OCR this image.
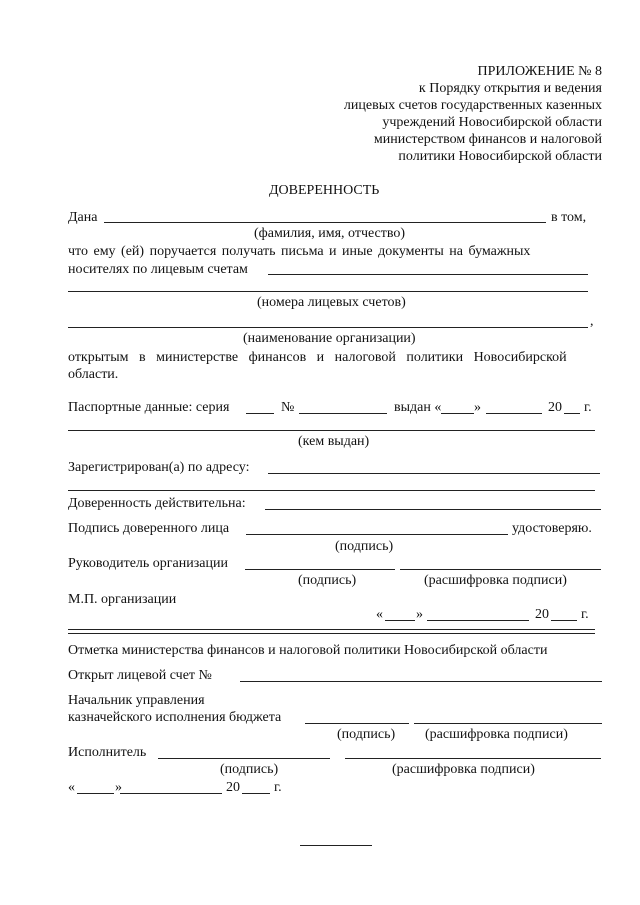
ПРИЛОЖЕНИЕ № 8
к Порядку открытия и ведения
лицевых счетов государственных казенных
учреждений Новосибирской области
министерством финансов и налоговой
политики Новосибирской области
ДОВЕРЕННОСТЬ
Дана	в том,
(фамилия, имя, отчество)
что ему (ей) поручается получать письма и иные документы на бумажных
носителях по лицевым счетам
(номера лицевых счетов)
,
(наименование организации)
открытым в министерстве финансов и налоговой политики Новосибирской
области.
Паспортные данные: серия	№	выдан « »	20 г.
(кем выдан)
Зарегистрирован(а) по адресу:
Доверенность действительна:
Подпись доверенного лица	удостоверяю.
(подпись)
Руководитель организации
(подпись)	(расшифровка подписи)
М.П. организации
« »	20 г.
Отметка министерства финансов и налоговой политики Новосибирской области
Открыт лицевой счет №
Начальник управления
казначейского исполнения бюджета
(подпись) (расшифровка подписи)
Исполнитель
(подпись)	(расшифровка подписи)
«	»	20 г.
